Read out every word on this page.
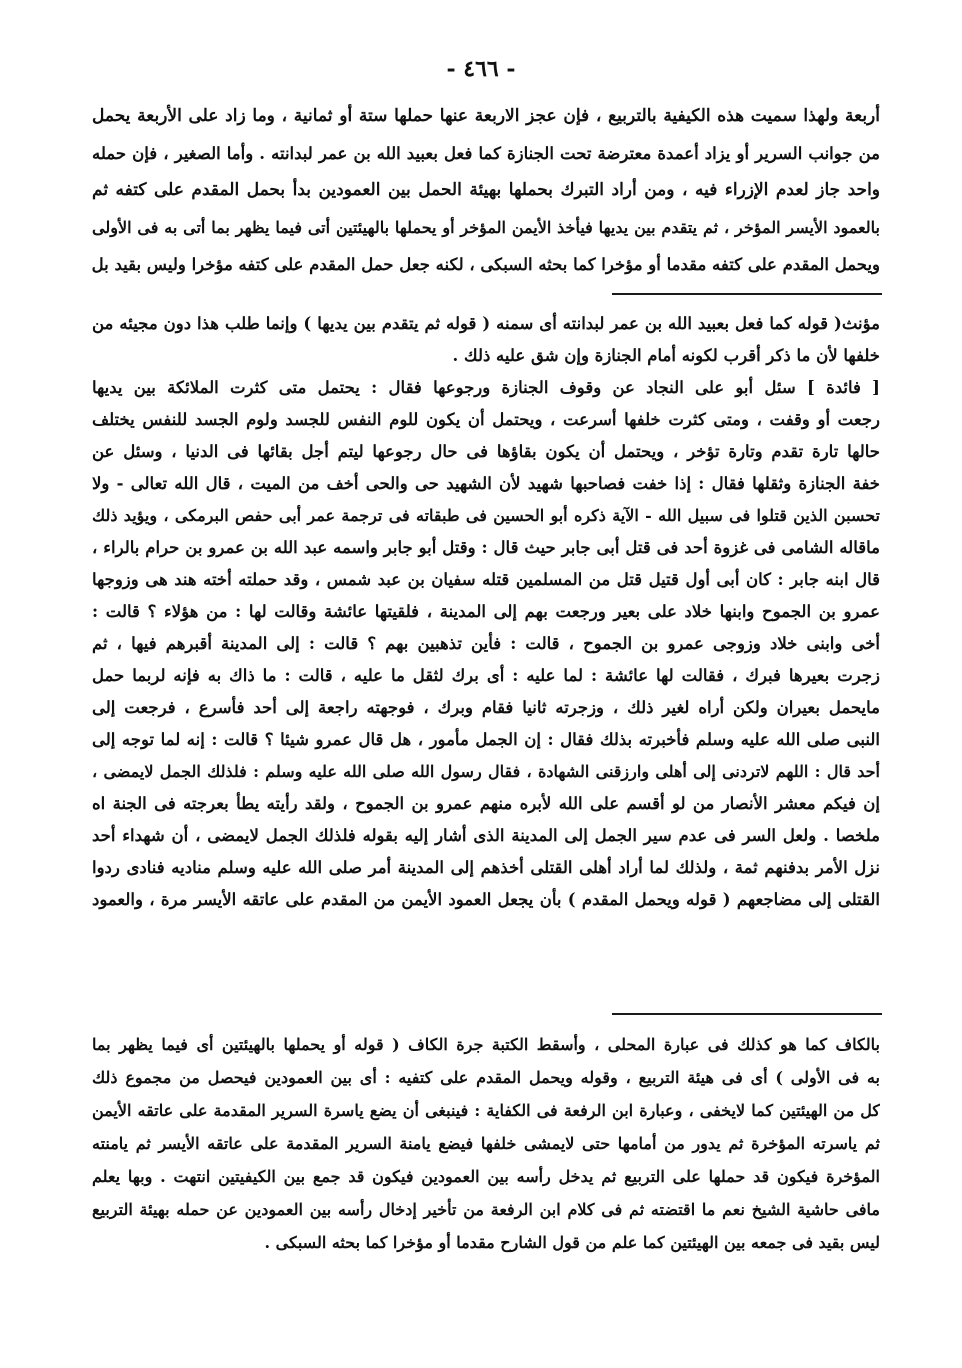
- ٤٦٦ -
أربعة ولهذا سميت هذه الكيفية بالتربيع ، فإن عجز الاربعة عنها حملها ستة أو ثمانية ، وما زاد على الأربعة يحمل
من جوانب السرير أو يزاد أعمدة معترضة تحت الجنازة كما فعل بعبيد الله بن عمر لبدانته . وأما الصغير ، فإن حمله
واحد جاز لعدم الإزراء فيه ، ومن أراد التبرك بحملها بهيئة الحمل بين العمودين بدأ بحمل المقدم على كتفه ثم
بالعمود الأيسر المؤخر ، ثم يتقدم بين يديها فيأخذ الأيمن المؤخر أو يحملها بالهيئتين أتى فيما يظهر بما أتى به فى الأولى
ويحمل المقدم على كتفه مقدما أو مؤخرا كما بحثه السبكى ، لكنه جعل حمل المقدم على كتفه مؤخرا وليس بقيد بل
مؤنث( قوله كما فعل بعبيد الله بن عمر لبدانته أى سمنه ( قوله ثم يتقدم بين يديها ) وإنما طلب هذا دون مجيئه من
خلفها لأن ما ذكر أقرب لكونه أمام الجنازة وإن شق عليه ذلك .
[ فائدة ] سئل أبو على النجاد عن وقوف الجنازة ورجوعها فقال : يحتمل متى كثرت الملائكة بين يديها
رجعت أو وقفت ، ومتى كثرت خلفها أسرعت ، ويحتمل أن يكون للوم النفس للجسد ولوم الجسد للنفس يختلف
حالها تارة تقدم وتارة تؤخر ، ويحتمل أن يكون بقاؤها فى حال رجوعها ليتم أجل بقائها فى الدنيا ، وسئل عن
خفة الجنازة وثقلها فقال : إذا خفت فصاحبها شهيد لأن الشهيد حى والحى أخف من الميت ، قال الله تعالى - ولا
تحسبن الذين قتلوا فى سبيل الله - الآية ذكره أبو الحسين فى طبقاته فى ترجمة عمر أبى حفص البرمكى ، ويؤيد ذلك
ماقاله الشامى فى غزوة أحد فى قتل أبى جابر حيث قال : وقتل أبو جابر واسمه عبد الله بن عمرو بن حرام بالراء ،
قال ابنه جابر : كان أبى أول قتيل قتل من المسلمين قتله سفيان بن عبد شمس ، وقد حملته أخته هند هى وزوجها
عمرو بن الجموح وابنها خلاد على بعير ورجعت بهم إلى المدينة ، فلقيتها عائشة وقالت لها : من هؤلاء ؟ قالت :
أخى وابنى خلاد وزوجى عمرو بن الجموح ، قالت : فأين تذهبين بهم ؟ قالت : إلى المدينة أقبرهم فيها ، ثم
زجرت بعيرها فبرك ، فقالت لها عائشة : لما عليه : أى برك لثقل ما عليه ، قالت : ما ذاك به فإنه لربما حمل
مايحمل بعيران ولكن أراه لغير ذلك ، وزجرته ثانيا فقام وبرك ، فوجهته راجعة إلى أحد فأسرع ، فرجعت إلى
النبى صلى الله عليه وسلم فأخبرته بذلك فقال : إن الجمل مأمور ، هل قال عمرو شيئا ؟ قالت : إنه لما توجه إلى
أحد قال : اللهم لاتردنى إلى أهلى وارزقنى الشهادة ، فقال رسول الله صلى الله عليه وسلم : فلذلك الجمل لايمضى ،
إن فيكم معشر الأنصار من لو أقسم على الله لأبره منهم عمرو بن الجموح ، ولقد رأيته يطأ بعرجته فى الجنة اه
ملخصا . ولعل السر فى عدم سير الجمل إلى المدينة الذى أشار إليه بقوله فلذلك الجمل لايمضى ، أن شهداء أحد
نزل الأمر بدفنهم ثمة ، ولذلك لما أراد أهلى القتلى أخذهم إلى المدينة أمر صلى الله عليه وسلم مناديه فنادى ردوا
القتلى إلى مضاجعهم ( قوله ويحمل المقدم ) بأن يجعل العمود الأيمن من المقدم على عاتقه الأيسر مرة ، والعمود
بالكاف كما هو كذلك فى عبارة المحلى ، وأسقط الكتبة جرة الكاف ( قوله أو يحملها بالهيئتين أى فيما يظهر بما
به فى الأولى ) أى فى هيئة التربيع ، وقوله ويحمل المقدم على كتفيه : أى بين العمودين فيحصل من مجموع ذلك
كل من الهيئتين كما لايخفى ، وعبارة ابن الرفعة فى الكفاية : فينبغى أن يضع ياسرة السرير المقدمة على عاتقه الأيمن
ثم ياسرته المؤخرة ثم يدور من أمامها حتى لايمشى خلفها فيضع يامنة السرير المقدمة على عاتقه الأيسر ثم يامنته
المؤخرة فيكون قد حملها على التربيع ثم يدخل رأسه بين العمودين فيكون قد جمع بين الكيفيتين انتهت . وبها يعلم
مافى حاشية الشيخ نعم ما اقتضته ثم فى كلام ابن الرفعة من تأخير إدخال رأسه بين العمودين عن حمله بهيئة التربيع
ليس بقيد فى جمعه بين الهيئتين كما علم من قول الشارح مقدما أو مؤخرا كما بحثه السبكى .
